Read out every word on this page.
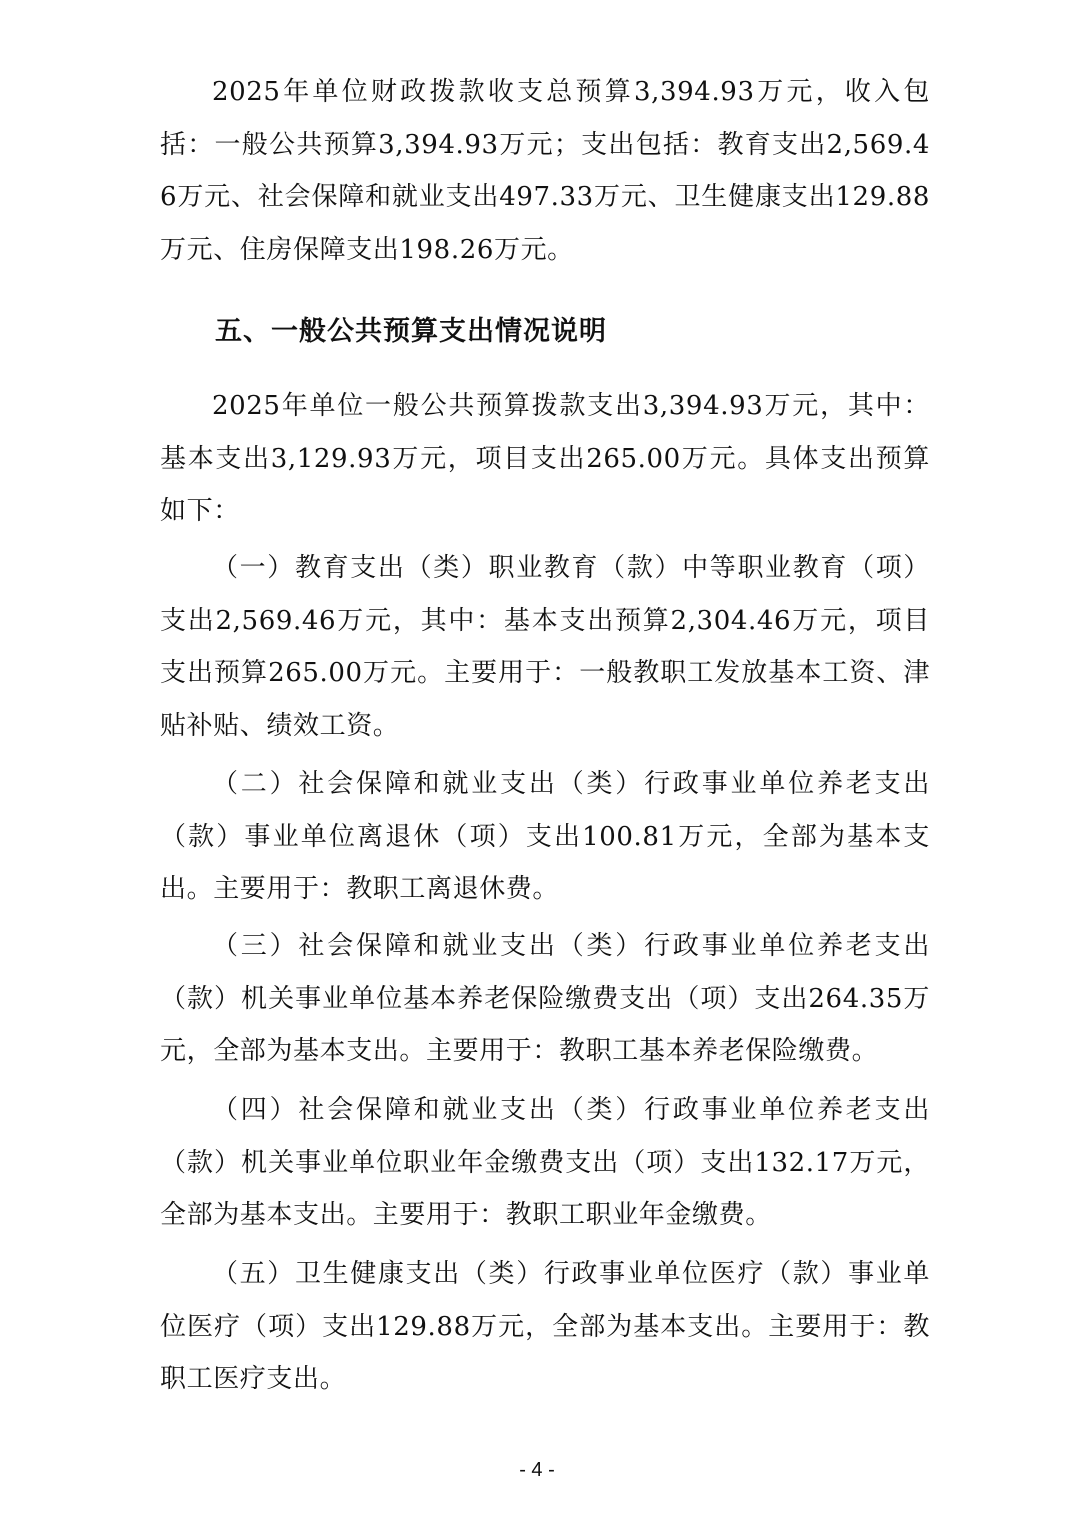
2025年单位财政拨款收支总预算3,394.93万元，收入包括：一般公共预算3,394.93万元；支出包括：教育支出2,569.46万元、社会保障和就业支出497.33万元、卫生健康支出129.88万元、住房保障支出198.26万元。

五、一般公共预算支出情况说明

2025年单位一般公共预算拨款支出3,394.93万元，其中：基本支出3,129.93万元，项目支出265.00万元。具体支出预算如下：

（一）教育支出（类）职业教育（款）中等职业教育（项）支出2,569.46万元，其中：基本支出预算2,304.46万元，项目支出预算265.00万元。主要用于：一般教职工发放基本工资、津贴补贴、绩效工资。

（二）社会保障和就业支出（类）行政事业单位养老支出（款）事业单位离退休（项）支出100.81万元，全部为基本支出。主要用于：教职工离退休费。

（三）社会保障和就业支出（类）行政事业单位养老支出（款）机关事业单位基本养老保险缴费支出（项）支出264.35万元，全部为基本支出。主要用于：教职工基本养老保险缴费。

（四）社会保障和就业支出（类）行政事业单位养老支出（款）机关事业单位职业年金缴费支出（项）支出132.17万元，全部为基本支出。主要用于：教职工职业年金缴费。

（五）卫生健康支出（类）行政事业单位医疗（款）事业单位医疗（项）支出129.88万元，全部为基本支出。主要用于：教职工医疗支出。

- 4 -
